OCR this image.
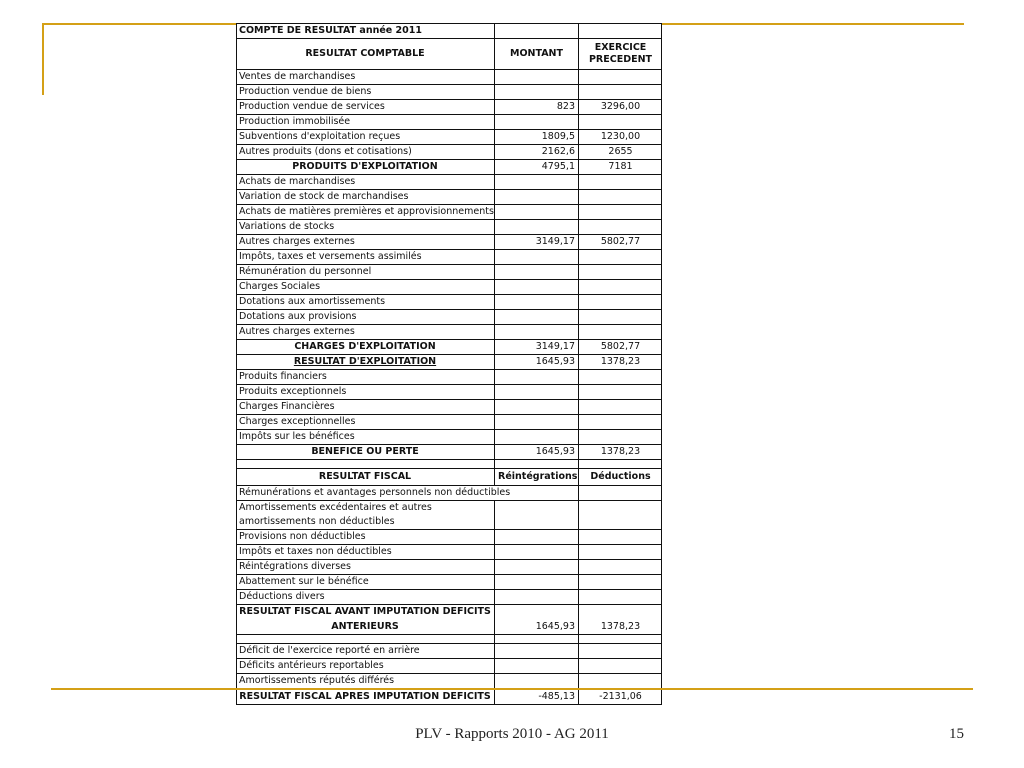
COMPTE DE RESULTAT année 2011		
RESULTAT COMPTABLE	MONTANT	EXERCICE
PRECEDENT
Ventes de marchandises		
Production vendue de biens		
Production vendue de services	823	3296,00
Production immobilisée		
Subventions d'exploitation reçues	1809,5	1230,00
Autres produits (dons et cotisations)	2162,6	2655
PRODUITS D'EXPLOITATION	4795,1	7181
Achats de marchandises		
Variation de stock de marchandises		
Achats de matières premières et approvisionnements		
Variations de stocks		
Autres charges externes	3149,17	5802,77
Impôts, taxes et versements assimilés		
Rémunération du personnel		
Charges Sociales		
Dotations aux amortissements		
Dotations aux provisions		
Autres charges externes		
CHARGES D'EXPLOITATION	3149,17	5802,77
RESULTAT D'EXPLOITATION	1645,93	1378,23
Produits financiers		
Produits exceptionnels		
Charges Financières		
Charges exceptionnelles		
Impôts sur les bénéfices		
BENEFICE OU PERTE	1645,93	1378,23

RESULTAT FISCAL	Réintégrations	Déductions
Rémunérations et avantages personnels non déductibles		
Amortissements excédentaires et autres		
amortissements non déductibles		
Provisions non déductibles		
Impôts et taxes non déductibles		
Réintégrations diverses		
Abattement sur le bénéfice		
Déductions divers		
RESULTAT FISCAL AVANT IMPUTATION DEFICITS		
ANTERIEURS	1645,93	1378,23

Déficit de l'exercice reporté en arrière		
Déficits antérieurs reportables		
Amortissements réputés différés		
RESULTAT FISCAL APRES IMPUTATION DEFICITS	-485,13	-2131,06
PLV - Rapports 2010 - AG 2011	15
